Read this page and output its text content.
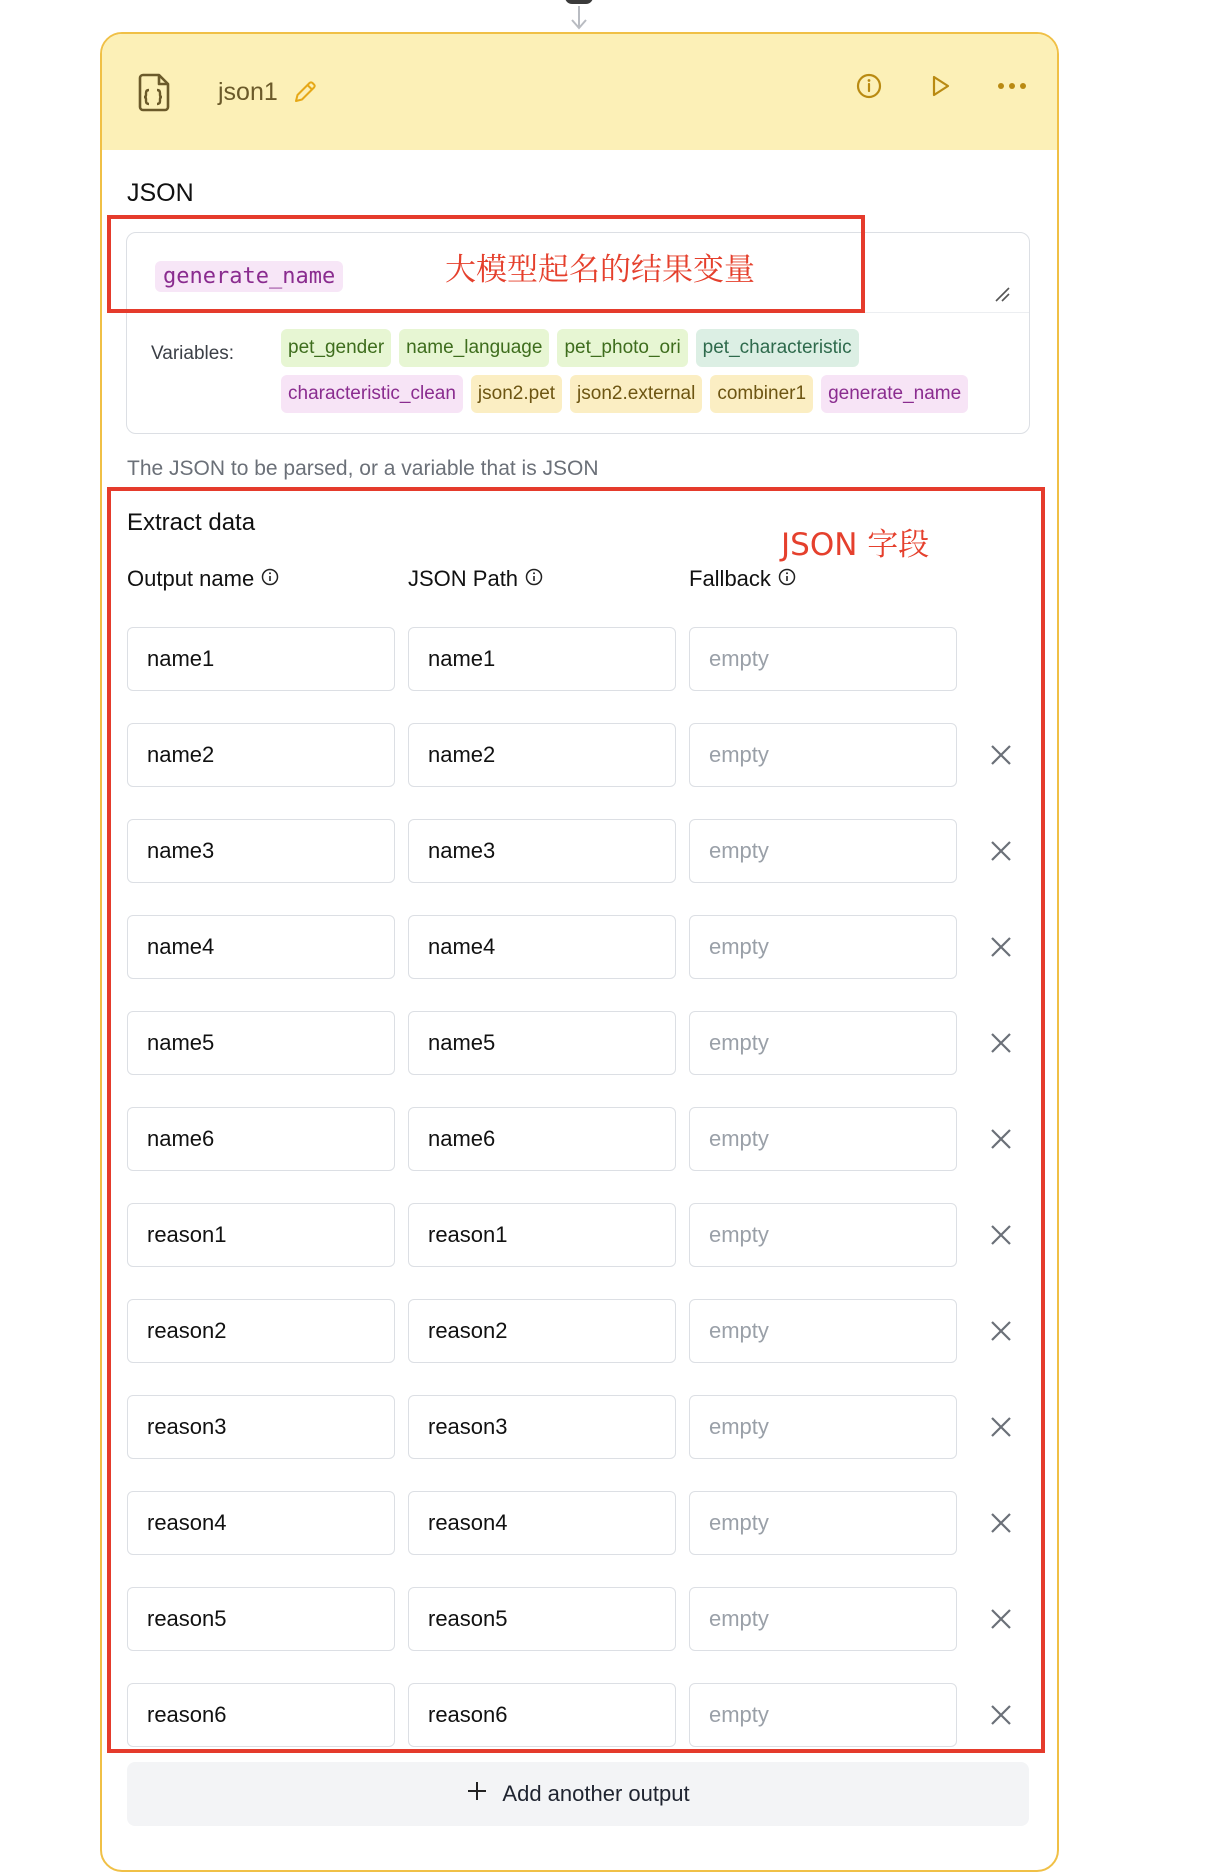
json1
JSON
generate_name
Variables:	pet_gender	name_language	pet_photo_ori	pet_characteristic
characteristic_clean	json2.pet	json2.external	combiner1	generate_name
The JSON to be parsed, or a variable that is JSON
Extract data
Output name	JSON Path	Fallback
name1	name1	empty
name2	name2	empty
name3	name3	empty
name4	name4	empty
name5	name5	empty
name6	name6	empty
reason1	reason1	empty
reason2	reason2	empty
reason3	reason3	empty
reason4	reason4	empty
reason5	reason5	empty
reason6	reason6	empty
Add another output
大模型起名的结果变量
JSON 字段
